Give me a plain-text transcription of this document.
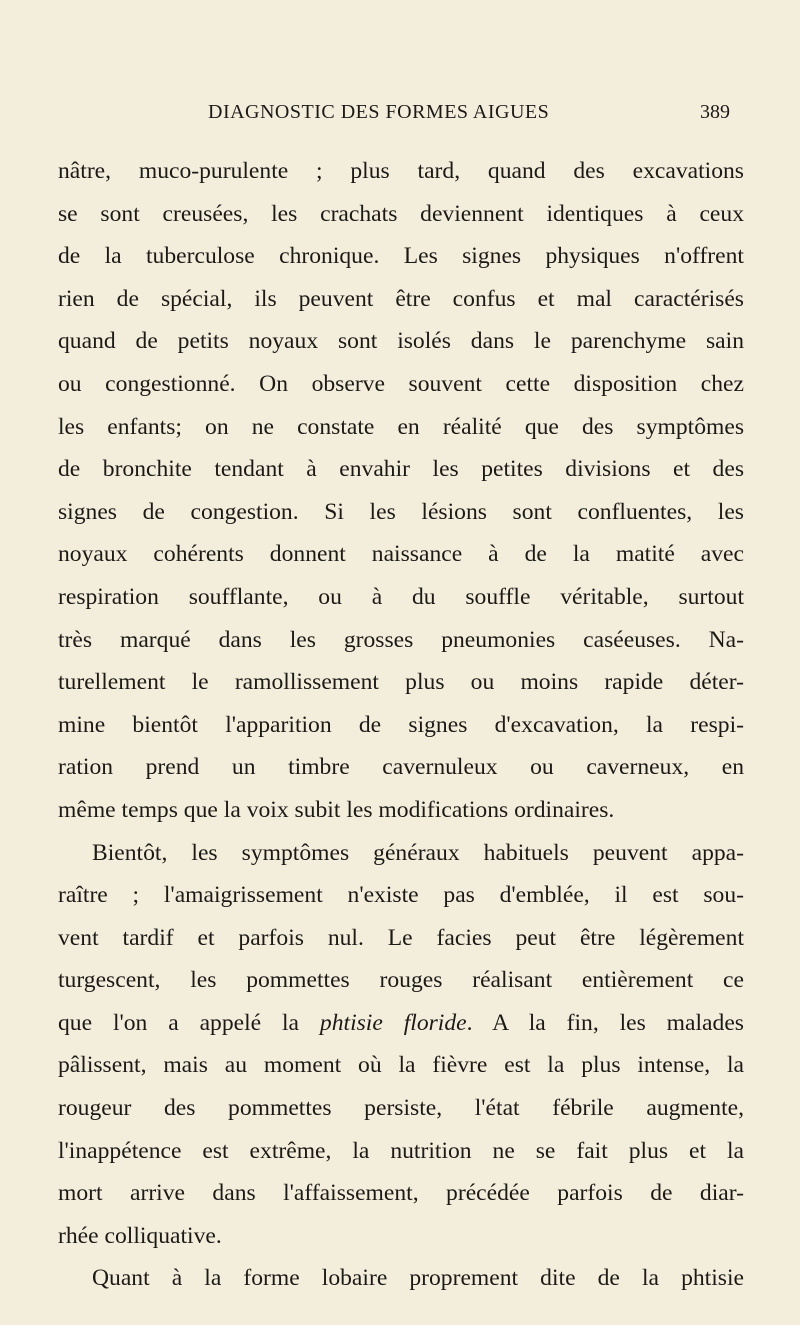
DIAGNOSTIC DES FORMES AIGUES	389
nâtre, muco-purulente ; plus tard, quand des excavations
se sont creusées, les crachats deviennent identiques à ceux
de la tuberculose chronique. Les signes physiques n'offrent
rien de spécial, ils peuvent être confus et mal caractérisés
quand de petits noyaux sont isolés dans le parenchyme sain
ou congestionné. On observe souvent cette disposition chez
les enfants; on ne constate en réalité que des symptômes
de bronchite tendant à envahir les petites divisions et des
signes de congestion. Si les lésions sont confluentes, les
noyaux cohérents donnent naissance à de la matité avec
respiration soufflante, ou à du souffle véritable, surtout
très marqué dans les grosses pneumonies caséeuses. Na-
turellement le ramollissement plus ou moins rapide déter-
mine bientôt l'apparition de signes d'excavation, la respi-
ration prend un timbre cavernuleux ou caverneux, en
même temps que la voix subit les modifications ordinaires.
Bientôt, les symptômes généraux habituels peuvent appa-
raître ; l'amaigrissement n'existe pas d'emblée, il est sou-
vent tardif et parfois nul. Le facies peut être légèrement
turgescent, les pommettes rouges réalisant entièrement ce
que l'on a appelé la phtisie floride. A la fin, les malades
pâlissent, mais au moment où la fièvre est la plus intense, la
rougeur des pommettes persiste, l'état fébrile augmente,
l'inappétence est extrême, la nutrition ne se fait plus et la
mort arrive dans l'affaissement, précédée parfois de diar-
rhée colliquative.
Quant à la forme lobaire proprement dite de la phtisie
